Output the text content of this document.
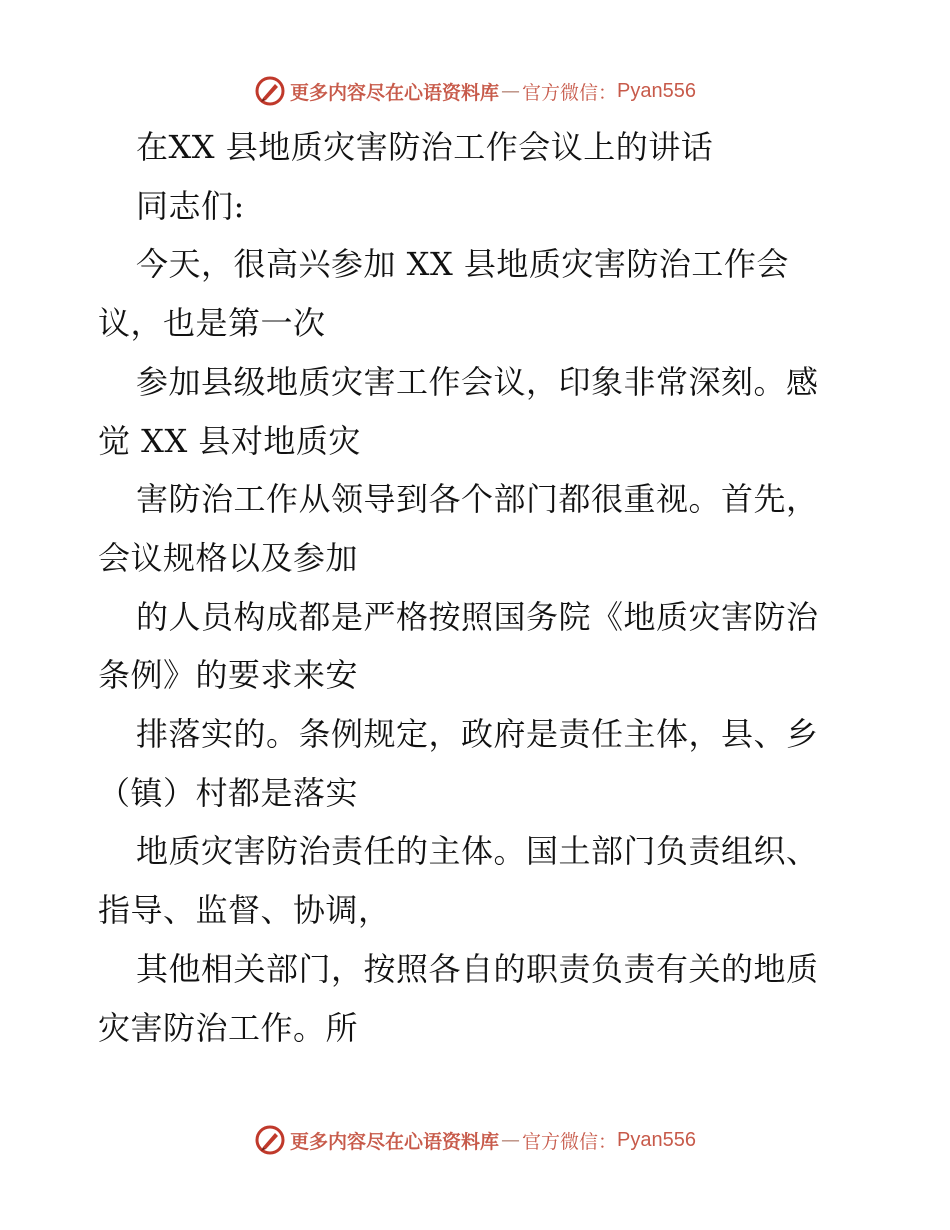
更多内容尽在心语资料库 — 官方微信： Pyan556
在XX 县地质灾害防治工作会议上的讲话
同志们:
今天，很高兴参加 XX 县地质灾害防治工作会
议，也是第一次
参加县级地质灾害工作会议，印象非常深刻。感
觉 XX 县对地质灾
害防治工作从领导到各个部门都很重视。首先，
会议规格以及参加
的人员构成都是严格按照国务院《地质灾害防治
条例》的要求来安
排落实的。条例规定，政府是责任主体，县、乡
（镇）村都是落实
地质灾害防治责任的主体。国土部门负责组织、
指导、监督、协调，
其他相关部门，按照各自的职责负责有关的地质
灾害防治工作。所
更多内容尽在心语资料库 — 官方微信： Pyan556
